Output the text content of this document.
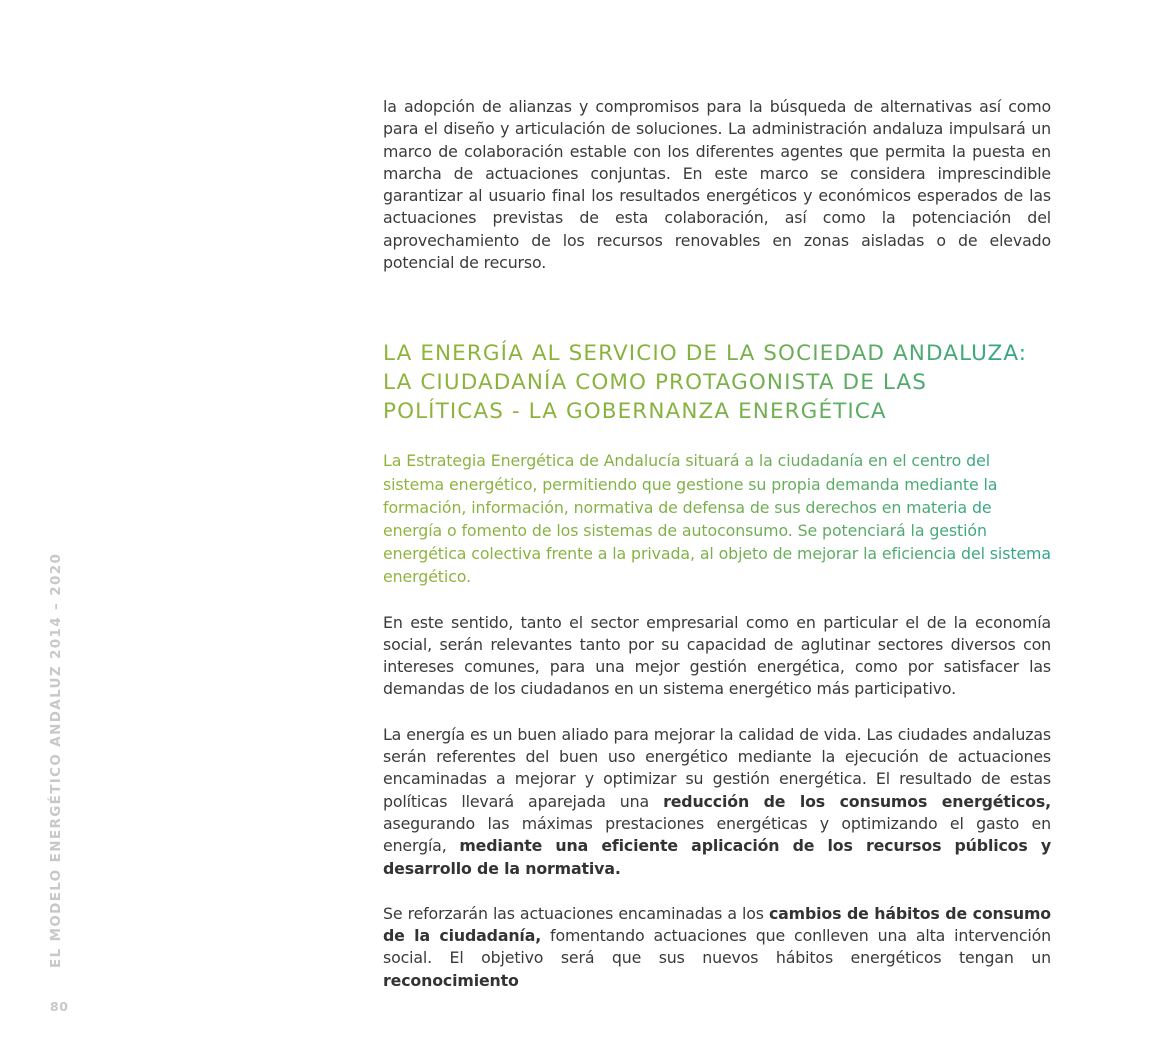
EL MODELO ENERGÉTICO ANDALUZ 2014 – 2020
80

la adopción de alianzas y compromisos para la búsqueda de alternativas así como para el diseño y articulación de soluciones. La administración andaluza impulsará un marco de colaboración estable con los diferentes agentes que permita la puesta en marcha de actuaciones conjuntas. En este marco se considera imprescindible garantizar al usuario final los resultados energéticos y económicos esperados de las actuaciones previstas de esta colaboración, así como la potenciación del aprovechamiento de los recursos renovables en zonas aisladas o de elevado potencial de recurso.

LA ENERGÍA AL SERVICIO DE LA SOCIEDAD ANDALUZA: LA CIUDADANÍA COMO PROTAGONISTA DE LAS POLÍTICAS - LA GOBERNANZA ENERGÉTICA

La Estrategia Energética de Andalucía situará a la ciudadanía en el centro del sistema energético, permitiendo que gestione su propia demanda mediante la formación, información, normativa de defensa de sus derechos en materia de energía o fomento de los sistemas de autoconsumo. Se potenciará la gestión energética colectiva frente a la privada, al objeto de mejorar la eficiencia del sistema energético.

En este sentido, tanto el sector empresarial como en particular el de la economía social, serán relevantes tanto por su capacidad de aglutinar sectores diversos con intereses comunes, para una mejor gestión energética, como por satisfacer las demandas de los ciudadanos en un sistema energético más participativo.

La energía es un buen aliado para mejorar la calidad de vida. Las ciudades andaluzas serán referentes del buen uso energético mediante la ejecución de actuaciones encaminadas a mejorar y optimizar su gestión energética. El resultado de estas políticas llevará aparejada una reducción de los consumos energéticos, asegurando las máximas prestaciones energéticas y optimizando el gasto en energía, mediante una eficiente aplicación de los recursos públicos y desarrollo de la normativa.

Se reforzarán las actuaciones encaminadas a los cambios de hábitos de consumo de la ciudadanía, fomentando actuaciones que conlleven una alta intervención social. El objetivo será que sus nuevos hábitos energéticos tengan un reconocimiento
